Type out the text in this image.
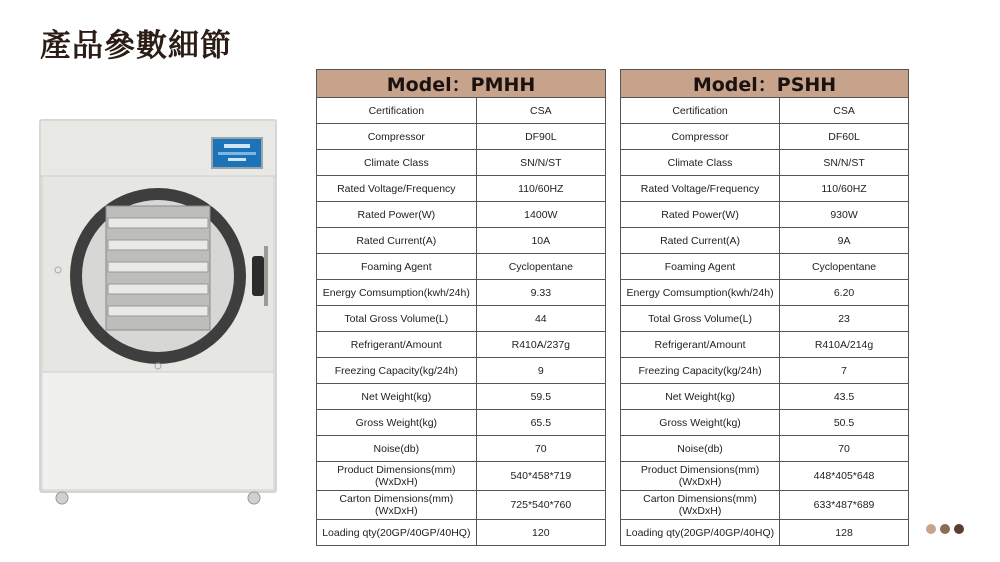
產品參數細節
Model：PMHH	
Certification	CSA
Compressor	DF90L
Climate Class	SN/N/ST
Rated Voltage/Frequency	110/60HZ
Rated Power(W)	1400W
Rated Current(A)	10A
Foaming Agent	Cyclopentane
Energy Comsumption(kwh/24h)	9.33
Total Gross Volume(L)	44
Refrigerant/Amount	R410A/237g
Freezing Capacity(kg/24h)	9
Net Weight(kg)	59.5
Gross Weight(kg)	65.5
Noise(db)	70
Product Dimensions(mm)(WxDxH)	540*458*719
Carton Dimensions(mm)(WxDxH)	725*540*760
Loading qty(20GP/40GP/40HQ)	120
Model：PSHH	
Certification	CSA
Compressor	DF60L
Climate Class	SN/N/ST
Rated Voltage/Frequency	110/60HZ
Rated Power(W)	930W
Rated Current(A)	9A
Foaming Agent	Cyclopentane
Energy Comsumption(kwh/24h)	6.20
Total Gross Volume(L)	23
Refrigerant/Amount	R410A/214g
Freezing Capacity(kg/24h)	7
Net Weight(kg)	43.5
Gross Weight(kg)	50.5
Noise(db)	70
Product Dimensions(mm)(WxDxH)	448*405*648
Carton Dimensions(mm)(WxDxH)	633*487*689
Loading qty(20GP/40GP/40HQ)	128
